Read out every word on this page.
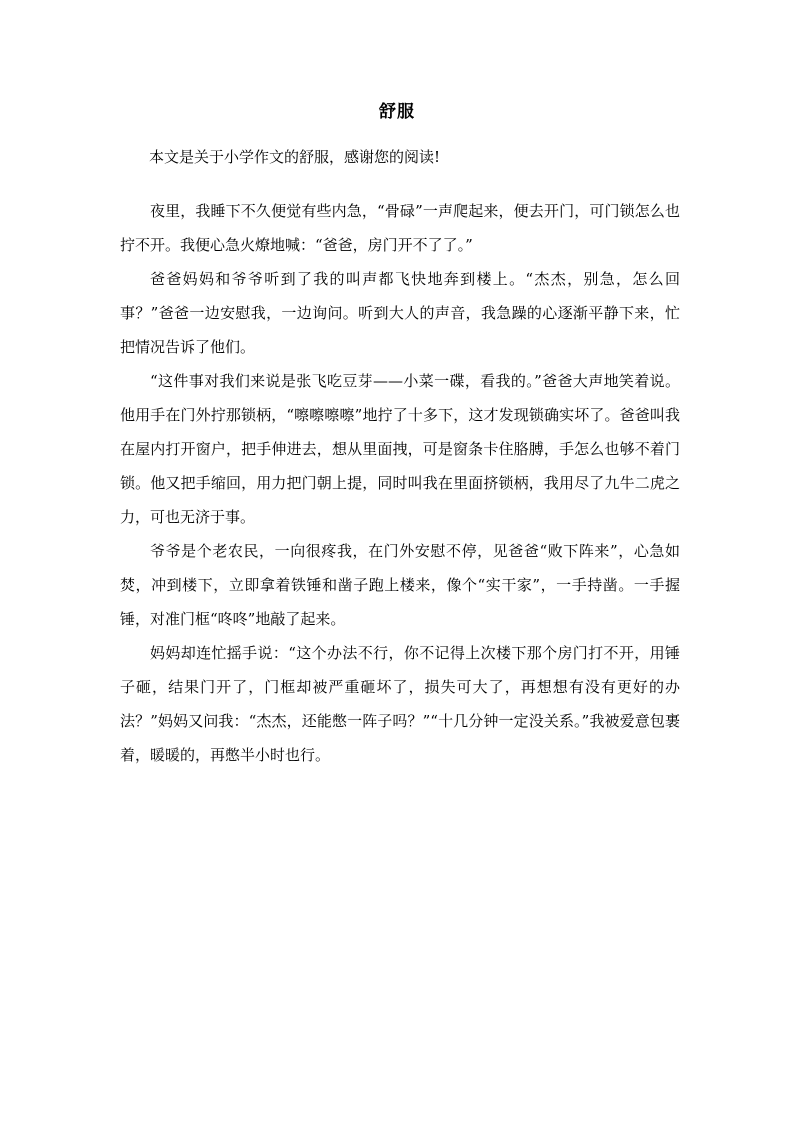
舒服
本文是关于小学作文的舒服，感谢您的阅读!

夜里，我睡下不久便觉有些内急，“骨碌”一声爬起来，便去开门，可门锁怎么也拧不开。我便心急火燎地喊：“爸爸，房门开不了了。”

爸爸妈妈和爷爷听到了我的叫声都飞快地奔到楼上。“杰杰，别急，怎么回事？”爸爸一边安慰我，一边询问。听到大人的声音，我急躁的心逐渐平静下来，忙把情况告诉了他们。

“这件事对我们来说是张飞吃豆芽——小菜一碟，看我的。”爸爸大声地笑着说。他用手在门外拧那锁柄，“嚓嚓嚓嚓”地拧了十多下，这才发现锁确实坏了。爸爸叫我在屋内打开窗户，把手伸进去，想从里面拽，可是窗条卡住胳膊，手怎么也够不着门锁。他又把手缩回，用力把门朝上提，同时叫我在里面挤锁柄，我用尽了九牛二虎之力，可也无济于事。

爷爷是个老农民，一向很疼我，在门外安慰不停，见爸爸“败下阵来”，心急如焚，冲到楼下，立即拿着铁锤和凿子跑上楼来，像个“实干家”，一手持凿。一手握锤，对准门框“咚咚”地敲了起来。

妈妈却连忙摇手说：“这个办法不行，你不记得上次楼下那个房门打不开，用锤子砸，结果门开了，门框却被严重砸坏了，损失可大了，再想想有没有更好的办法？”妈妈又问我：“杰杰，还能憋一阵子吗？”“十几分钟一定没关系。”我被爱意包裹着，暖暖的，再憋半小时也行。
